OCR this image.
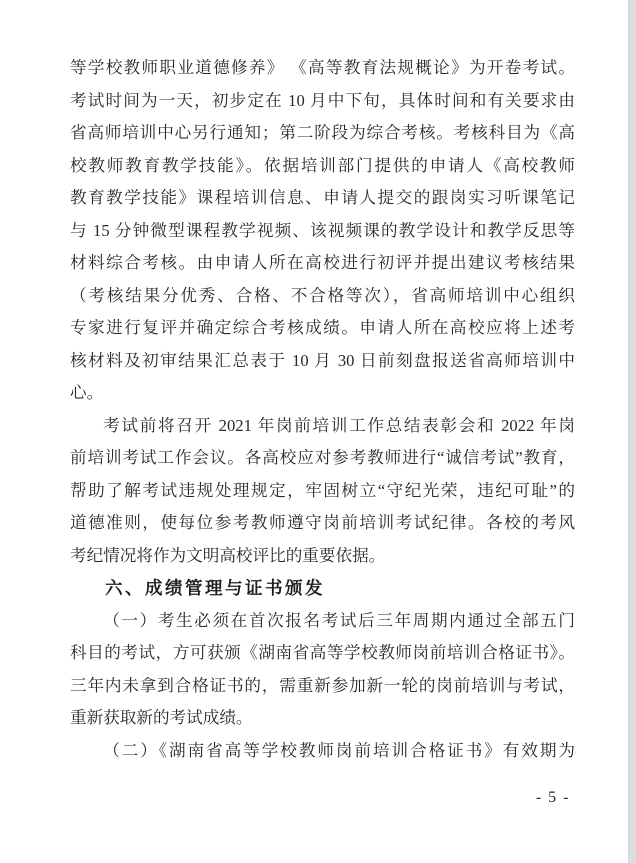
等学校教师职业道德修养》 《高等教育法规概论》为开卷考试。
考试时间为一天，初步定在 10 月中下旬，具体时间和有关要求由
省高师培训中心另行通知；第二阶段为综合考核。考核科目为《高
校教师教育教学技能》。依据培训部门提供的申请人《高校教师
教育教学技能》课程培训信息、申请人提交的跟岗实习听课笔记
与 15 分钟微型课程教学视频、该视频课的教学设计和教学反思等
材料综合考核。由申请人所在高校进行初评并提出建议考核结果
（考核结果分优秀、合格、不合格等次），省高师培训中心组织
专家进行复评并确定综合考核成绩。申请人所在高校应将上述考
核材料及初审结果汇总表于 10 月 30 日前刻盘报送省高师培训中
心。
考试前将召开 2021 年岗前培训工作总结表彰会和 2022 年岗
前培训考试工作会议。各高校应对参考教师进行“诚信考试”教育，
帮助了解考试违规处理规定，牢固树立“守纪光荣，违纪可耻”的
道德准则，使每位参考教师遵守岗前培训考试纪律。各校的考风
考纪情况将作为文明高校评比的重要依据。
六、成绩管理与证书颁发
（一）考生必须在首次报名考试后三年周期内通过全部五门
科目的考试，方可获颁《湖南省高等学校教师岗前培训合格证书》。
三年内未拿到合格证书的，需重新参加新一轮的岗前培训与考试，
重新获取新的考试成绩。
（二）《湖南省高等学校教师岗前培训合格证书》有效期为
- 5 -
